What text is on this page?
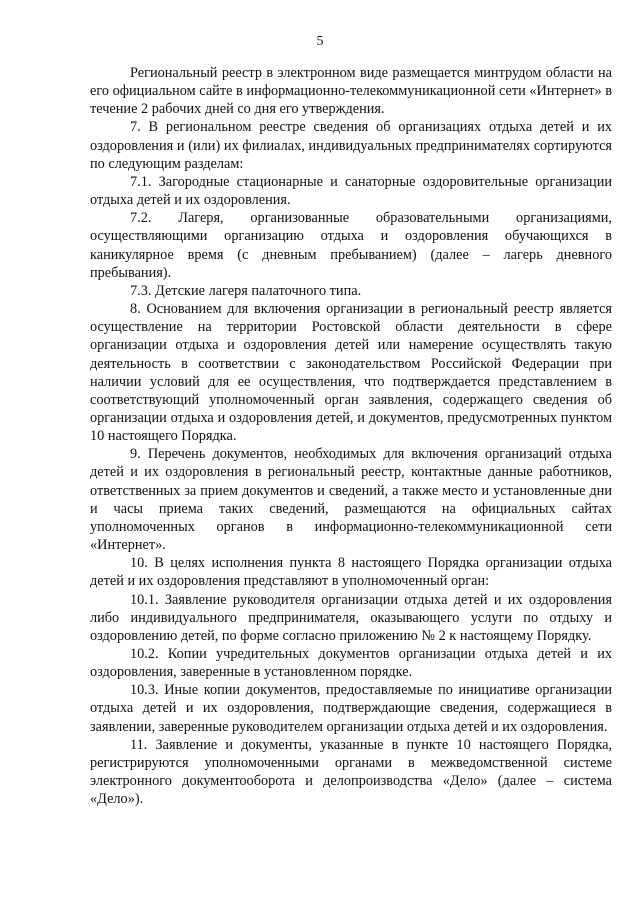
5

Региональный реестр в электронном виде размещается минтрудом области на его официальном сайте в информационно-телекоммуникационной сети «Интернет» в течение 2 рабочих дней со дня его утверждения.

7. В региональном реестре сведения об организациях отдыха детей и их оздоровления и (или) их филиалах, индивидуальных предпринимателях сортируются по следующим разделам:

7.1. Загородные стационарные и санаторные оздоровительные организации отдыха детей и их оздоровления.

7.2. Лагеря, организованные образовательными организациями, осуществляющими организацию отдыха и оздоровления обучающихся в каникулярное время (с дневным пребыванием) (далее – лагерь дневного пребывания).

7.3. Детские лагеря палаточного типа.

8. Основанием для включения организации в региональный реестр является осуществление на территории Ростовской области деятельности в сфере организации отдыха и оздоровления детей или намерение осуществлять такую деятельность в соответствии с законодательством Российской Федерации при наличии условий для ее осуществления, что подтверждается представлением в соответствующий уполномоченный орган заявления, содержащего сведения об организации отдыха и оздоровления детей, и документов, предусмотренных пунктом 10 настоящего Порядка.

9. Перечень документов, необходимых для включения организаций отдыха детей и их оздоровления в региональный реестр, контактные данные работников, ответственных за прием документов и сведений, а также место и установленные дни и часы приема таких сведений, размещаются на официальных сайтах уполномоченных органов в информационно-телекоммуникационной сети «Интернет».

10. В целях исполнения пункта 8 настоящего Порядка организации отдыха детей и их оздоровления представляют в уполномоченный орган:

10.1. Заявление руководителя организации отдыха детей и их оздоровления либо индивидуального предпринимателя, оказывающего услуги по отдыху и оздоровлению детей, по форме согласно приложению № 2 к настоящему Порядку.

10.2. Копии учредительных документов организации отдыха детей и их оздоровления, заверенные в установленном порядке.

10.3. Иные копии документов, предоставляемые по инициативе организации отдыха детей и их оздоровления, подтверждающие сведения, содержащиеся в заявлении, заверенные руководителем организации отдыха детей и их оздоровления.

11. Заявление и документы, указанные в пункте 10 настоящего Порядка, регистрируются уполномоченными органами в межведомственной системе электронного документооборота и делопроизводства «Дело» (далее – система «Дело»).
